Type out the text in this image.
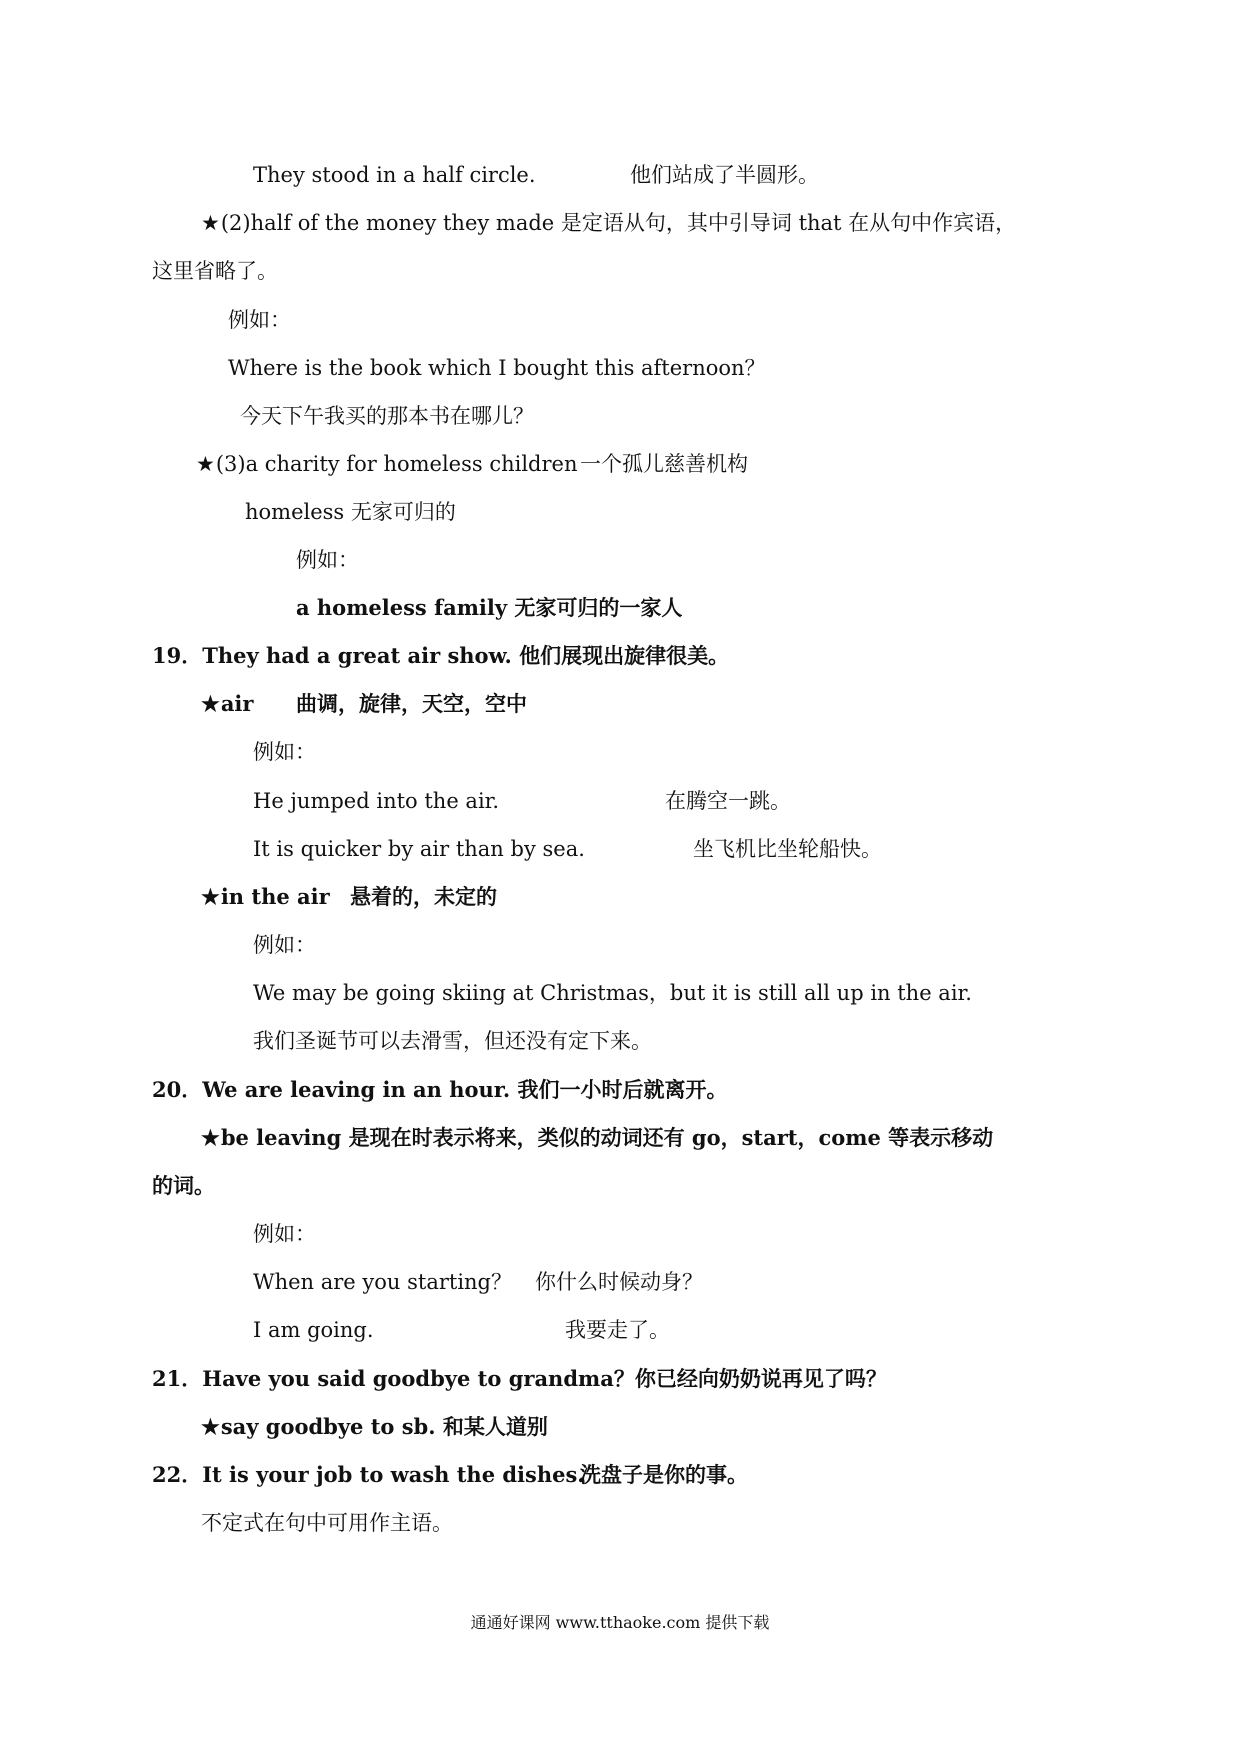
They stood in a half circle.	他们站成了半圆形。
★(2)half of the money they made 是定语从句，其中引导词 that 在从句中作宾语，
这里省略了。
例如：
Where is the book which I bought this afternoon？
今天下午我买的那本书在哪儿？
★(3)a charity for homeless children 一个孤儿慈善机构
homeless 无家可归的
例如：
a homeless family 无家可归的一家人
19．They had a great air show. 他们展现出旋律很美。
★air 曲调，旋律，天空，空中
例如：
He jumped into the air.	在腾空一跳。
It is quicker by air than by sea.	坐飞机比坐轮船快。
★in the air 悬着的，未定的
例如：
We may be going skiing at Christmas，but it is still all up in the air.
我们圣诞节可以去滑雪，但还没有定下来。
20．We are leaving in an hour. 我们一小时后就离开。
★be leaving 是现在时表示将来，类似的动词还有 go，start，come 等表示移动
的词。
例如：
When are you starting？ 你什么时候动身？
I am going.	我要走了。
21．Have you said goodbye to grandma？你已经向奶奶说再见了吗？
★say goodbye to sb. 和某人道别
22．It is your job to wash the dishes.
洗盘子是你的事。
不定式在句中可用作主语。
通通好课网 www.tthaoke.com 提供下载
